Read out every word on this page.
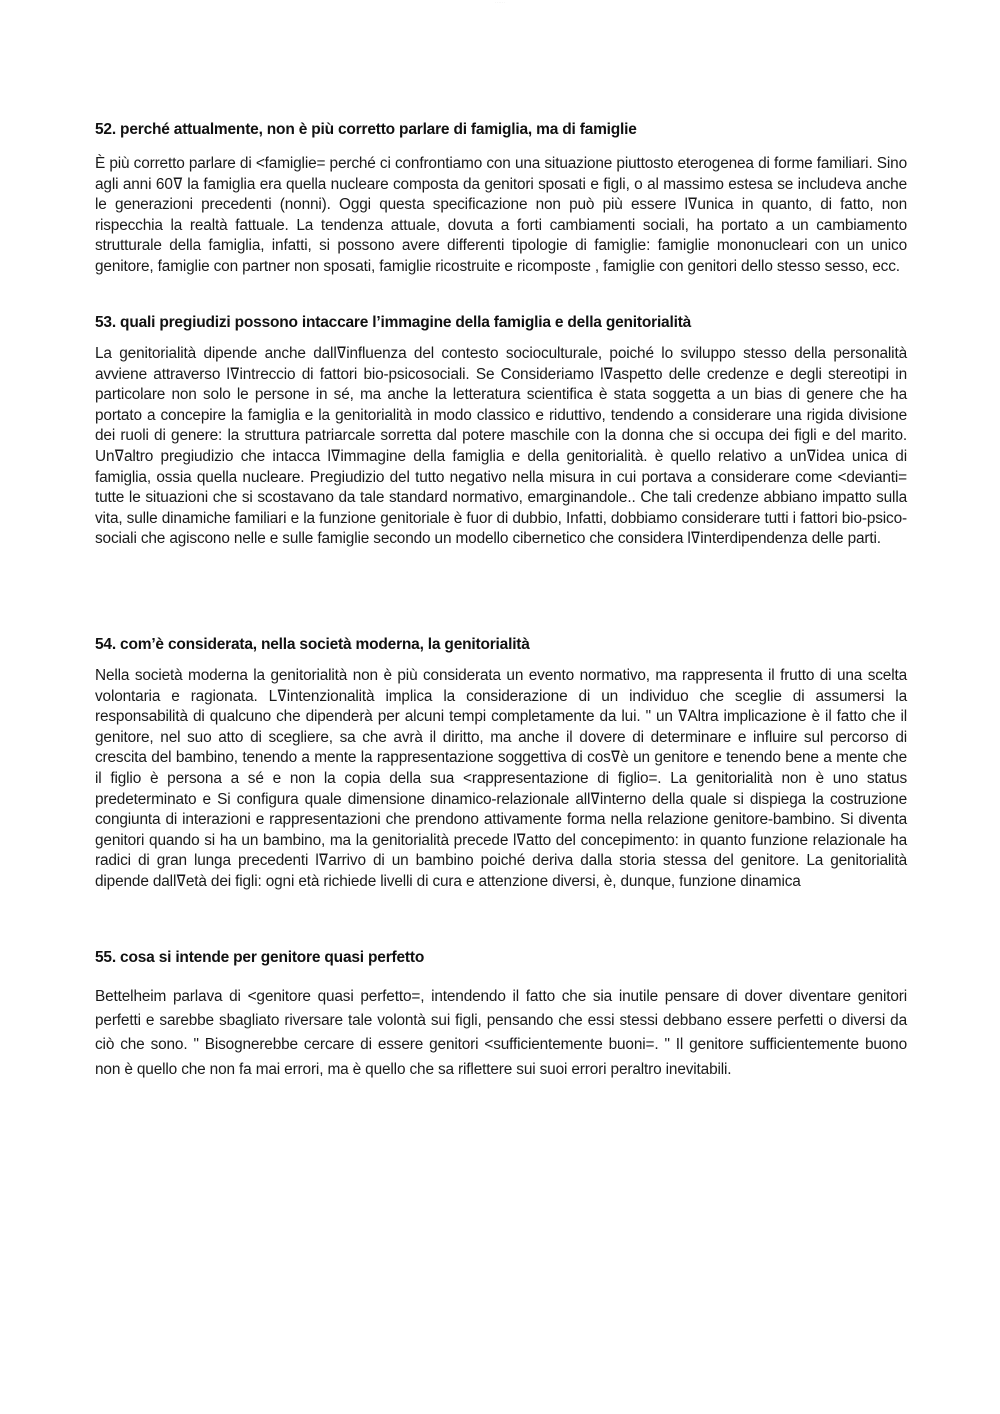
· · · · · ·
52. perché attualmente, non è più corretto parlare di famiglia, ma di famiglie

È più corretto parlare di <famiglie= perché ci confrontiamo con una situazione piuttosto eterogenea di forme familiari. Sino agli anni ߜ60 la famiglia era quella nucleare composta da genitori sposati e figli, o al massimo estesa se includeva anche le generazioni precedenti (nonni). Oggi questa specificazione non può più essere lߜunica in quanto, di fatto, non rispecchia la realtà fattuale. La tendenza attuale, dovuta a forti cambiamenti sociali, ha portato a un cambiamento strutturale della famiglia, infatti, si possono avere differenti tipologie di famiglie: famiglie mononucleari con un unico genitore, famiglie con partner non sposati, famiglie ricostruite e ricomposte , famiglie con genitori dello stesso sesso, ecc.

53. quali pregiudizi possono intaccare l’immagine della famiglia e della genitorialità

La genitorialità dipende anche dallߜinfluenza del contesto socioculturale, poiché lo sviluppo stesso della personalità avviene attraverso lߜintreccio di fattori bio-psicosociali. Se Consideriamo lߜaspetto delle credenze e degli stereotipi in particolare non solo le persone in sé, ma anche la letteratura scientifica è stata soggetta a un bias di genere che ha portato a concepire la famiglia e la genitorialità in modo classico e riduttivo, tendendo a considerare una rigida divisione dei ruoli di genere: la struttura patriarcale sorretta dal potere maschile con la donna che si occupa dei figli e del marito. Unߜaltro pregiudizio che intacca lߜimmagine della famiglia e della genitorialità. è quello relativo a unߜidea unica di famiglia, ossia quella nucleare. Pregiudizio del tutto negativo nella misura in cui portava a considerare come <devianti= tutte le situazioni che si scostavano da tale standard normativo, emarginandole.. Che tali credenze abbiano impatto sulla vita, sulle dinamiche familiari e la funzione genitoriale è fuor di dubbio, Infatti, dobbiamo considerare tutti i fattori bio-psico-sociali che agiscono nelle e sulle famiglie secondo un modello cibernetico che considera lߜinterdipendenza delle parti.

54. com’è considerata, nella società moderna, la genitorialità

Nella società moderna la genitorialità non è più considerata un evento normativo, ma rappresenta il frutto di una scelta volontaria e ragionata. Lߜintenzionalità implica la considerazione di un individuo che sceglie di assumersi la responsabilità di qualcuno che dipenderà per alcuni tempi completamente da lui. " un ߜAltra implicazione è il fatto che il genitore, nel suo atto di scegliere, sa che avrà il diritto, ma anche il dovere di determinare e influire sul percorso di crescita del bambino, tenendo a mente la rappresentazione soggettiva di cosߜè un genitore e tenendo bene a mente che il figlio è persona a sé e non la copia della sua <rappresentazione di figlio=. La genitorialità non è uno status predeterminato e Si configura quale dimensione dinamico-relazionale allߜinterno della quale si dispiega la costruzione congiunta di interazioni e rappresentazioni che prendono attivamente forma nella relazione genitore-bambino. Si diventa genitori quando si ha un bambino, ma la genitorialità precede lߜatto del concepimento: in quanto funzione relazionale ha radici di gran lunga precedenti lߜarrivo di un bambino poiché deriva dalla storia stessa del genitore. La genitorialità dipende dallߜetà dei figli: ogni età richiede livelli di cura e attenzione diversi, è, dunque, funzione dinamica

55. cosa si intende per genitore quasi perfetto

Bettelheim parlava di <genitore quasi perfetto=, intendendo il fatto che sia inutile pensare di dover diventare genitori perfetti e sarebbe sbagliato riversare tale volontà sui figli, pensando che essi stessi debbano essere perfetti o diversi da ciò che sono. " Bisognerebbe cercare di essere genitori <sufficientemente buoni=. " Il genitore sufficientemente buono non è quello che non fa mai errori, ma è quello che sa riflettere sui suoi errori peraltro inevitabili.
